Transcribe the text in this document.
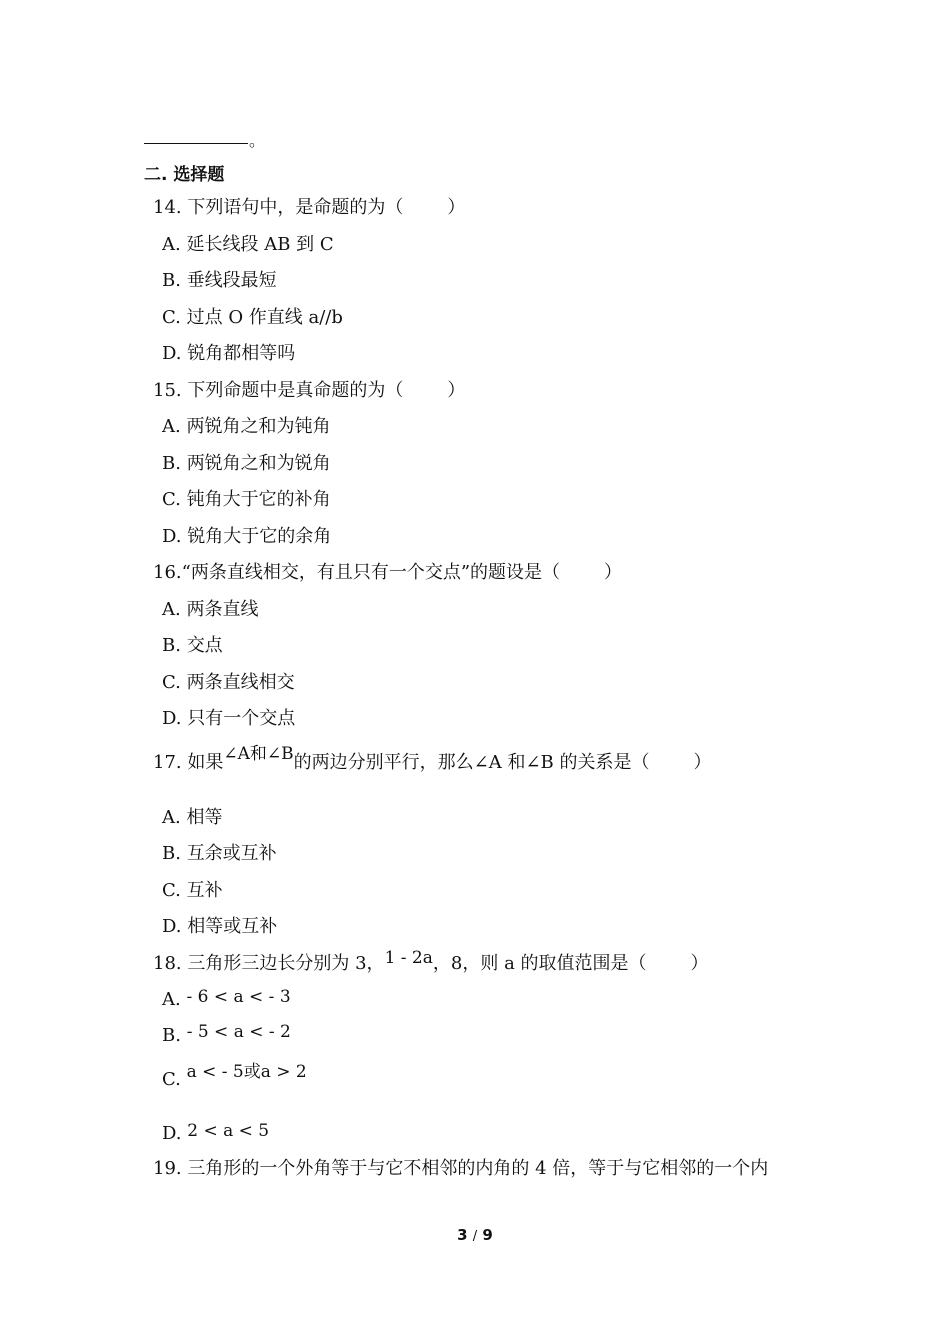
。
二. 选择题
14. 下列语句中，是命题的为（ ）
A. 延长线段 AB 到 C
B. 垂线段最短
C. 过点 O 作直线 a//b
D. 锐角都相等吗
15. 下列命题中是真命题的为（ ）
A. 两锐角之和为钝角
B. 两锐角之和为锐角
C. 钝角大于它的补角
D. 锐角大于它的余角
16.“两条直线相交，有且只有一个交点”的题设是（ ）
A. 两条直线
B. 交点
C. 两条直线相交
D. 只有一个交点
17. 如果∠A和∠B的两边分别平行，那么∠A 和∠B 的关系是（ ）
A. 相等
B. 互余或互补
C. 互补
D. 相等或互补
18. 三角形三边长分别为 3，1 - 2a，8，则 a 的取值范围是（ ）
A. - 6 < a < - 3
B. - 5 < a < - 2
C. a < - 5或a > 2
D. 2 < a < 5
19. 三角形的一个外角等于与它不相邻的内角的 4 倍，等于与它相邻的一个内
3 / 9
